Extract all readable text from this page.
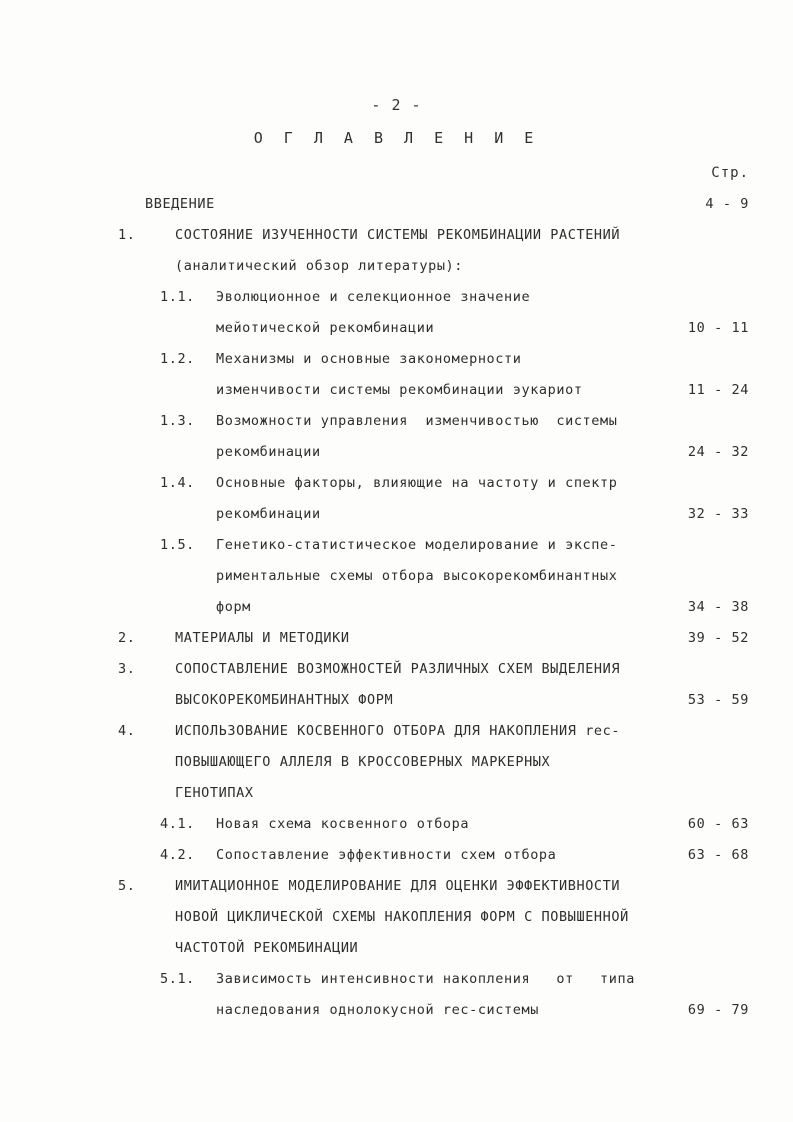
- 2 -
О Г Л А В Л Е Н И Е
Стр.
ВВЕДЕНИЕ	4 - 9
1.	СОСТОЯНИЕ ИЗУЧЕННОСТИ СИСТЕМЫ РЕКОМБИНАЦИИ РАСТЕНИЙ
(аналитический обзор литературы):
1.1. Эволюционное и селекционное значение
мейотической рекомбинации	10 - 11
1.2. Механизмы и основные закономерности
изменчивости системы рекомбинации эукариот	11 - 24
1.3. Возможности управления  изменчивостью  системы
рекомбинации	24 - 32
1.4. Основные факторы, влияющие на частоту и спектр
рекомбинации	32 - 33
1.5. Генетико-статистическое моделирование и экспе-
риментальные схемы отбора высокорекомбинантных
форм	34 - 38
2.	МАТЕРИАЛЫ И МЕТОДИКИ	39 - 52
3.	СОПОСТАВЛЕНИЕ ВОЗМОЖНОСТЕЙ РАЗЛИЧНЫХ СХЕМ ВЫДЕЛЕНИЯ
ВЫСОКОРЕКОМБИНАНТНЫХ ФОРМ	53 - 59
4.	ИСПОЛЬЗОВАНИЕ КОСВЕННОГО ОТБОРА ДЛЯ НАКОПЛЕНИЯ rec-
ПОВЫШАЮЩЕГО АЛЛЕЛЯ В КРОССОВЕРНЫХ МАРКЕРНЫХ
ГЕНОТИПАХ
4.1. Новая схема косвенного отбора	60 - 63
4.2. Сопоставление эффективности схем отбора	63 - 68
5.	ИМИТАЦИОННОЕ МОДЕЛИРОВАНИЕ ДЛЯ ОЦЕНКИ ЭФФЕКТИВНОСТИ
НОВОЙ ЦИКЛИЧЕСКОЙ СХЕМЫ НАКОПЛЕНИЯ ФОРМ С ПОВЫШЕННОЙ
ЧАСТОТОЙ РЕКОМБИНАЦИИ
5.1. Зависимость интенсивности накопления   от   типа
наследования однолокусной rec-системы	69 - 79
